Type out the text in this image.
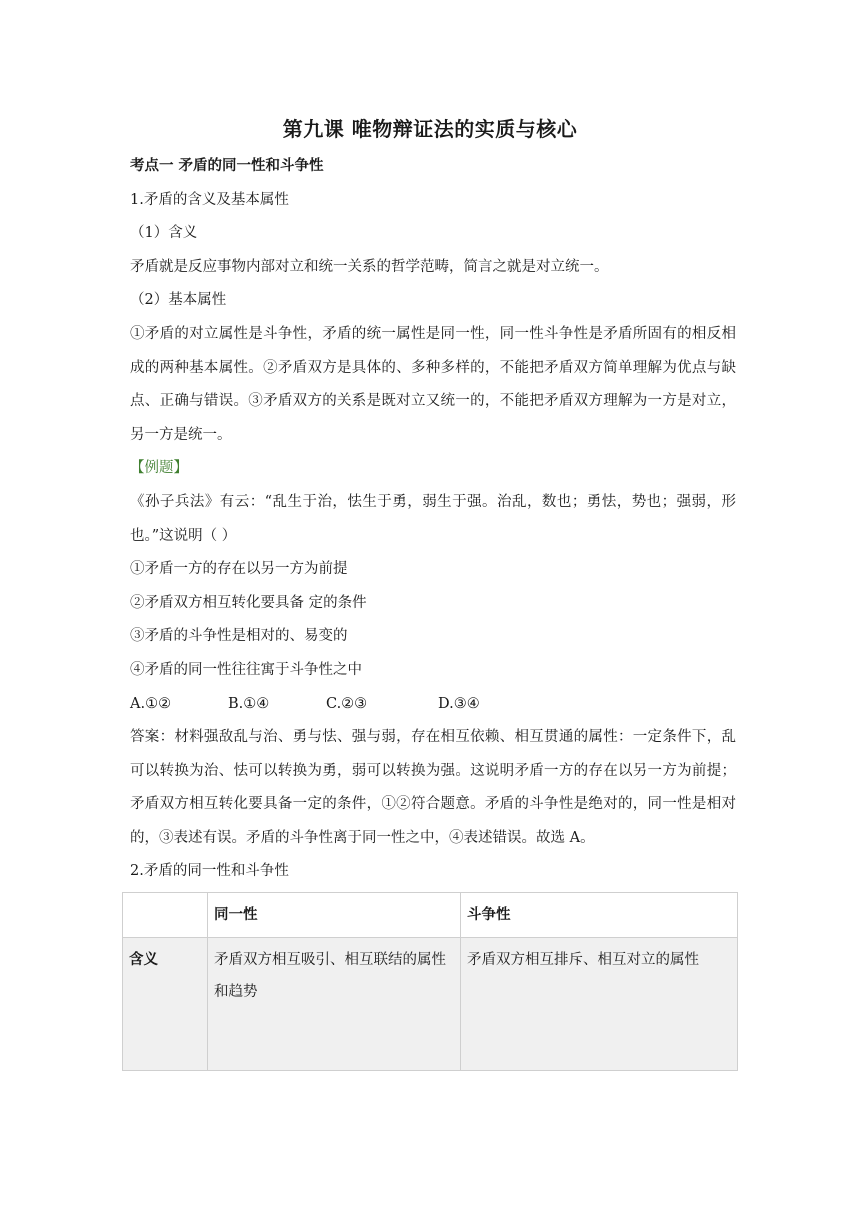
第九课 唯物辩证法的实质与核心
考点一 矛盾的同一性和斗争性
1.矛盾的含义及基本属性
（1）含义
矛盾就是反应事物内部对立和统一关系的哲学范畴，简言之就是对立统一。
（2）基本属性
①矛盾的对立属性是斗争性，矛盾的统一属性是同一性，同一性斗争性是矛盾所固有的相反相成的两种基本属性。②矛盾双方是具体的、多种多样的，不能把矛盾双方简单理解为优点与缺点、正确与错误。③矛盾双方的关系是既对立又统一的，不能把矛盾双方理解为一方是对立，另一方是统一。
【例题】
《孙子兵法》有云：“乱生于治，怯生于勇，弱生于强。治乱，数也；勇怯，势也；强弱，形也。”这说明（ ）
①矛盾一方的存在以另一方为前提
②矛盾双方相互转化要具备 定的条件
③矛盾的斗争性是相对的、易变的
④矛盾的同一性往往寓于斗争性之中
A.①②	B.①④	C.②③	D.③④
答案：材料强敌乱与治、勇与怯、强与弱，存在相互依赖、相互贯通的属性：一定条件下，乱可以转换为治、怯可以转换为勇，弱可以转换为强。这说明矛盾一方的存在以另一方为前提；矛盾双方相互转化要具备一定的条件，①②符合题意。矛盾的斗争性是绝对的，同一性是相对的，③表述有误。矛盾的斗争性离于同一性之中，④表述错误。故选 A。
2.矛盾的同一性和斗争性
	同一性	斗争性
含义	矛盾双方相互吸引、相互联结的属性和趋势	矛盾双方相互排斥、相互对立的属性
